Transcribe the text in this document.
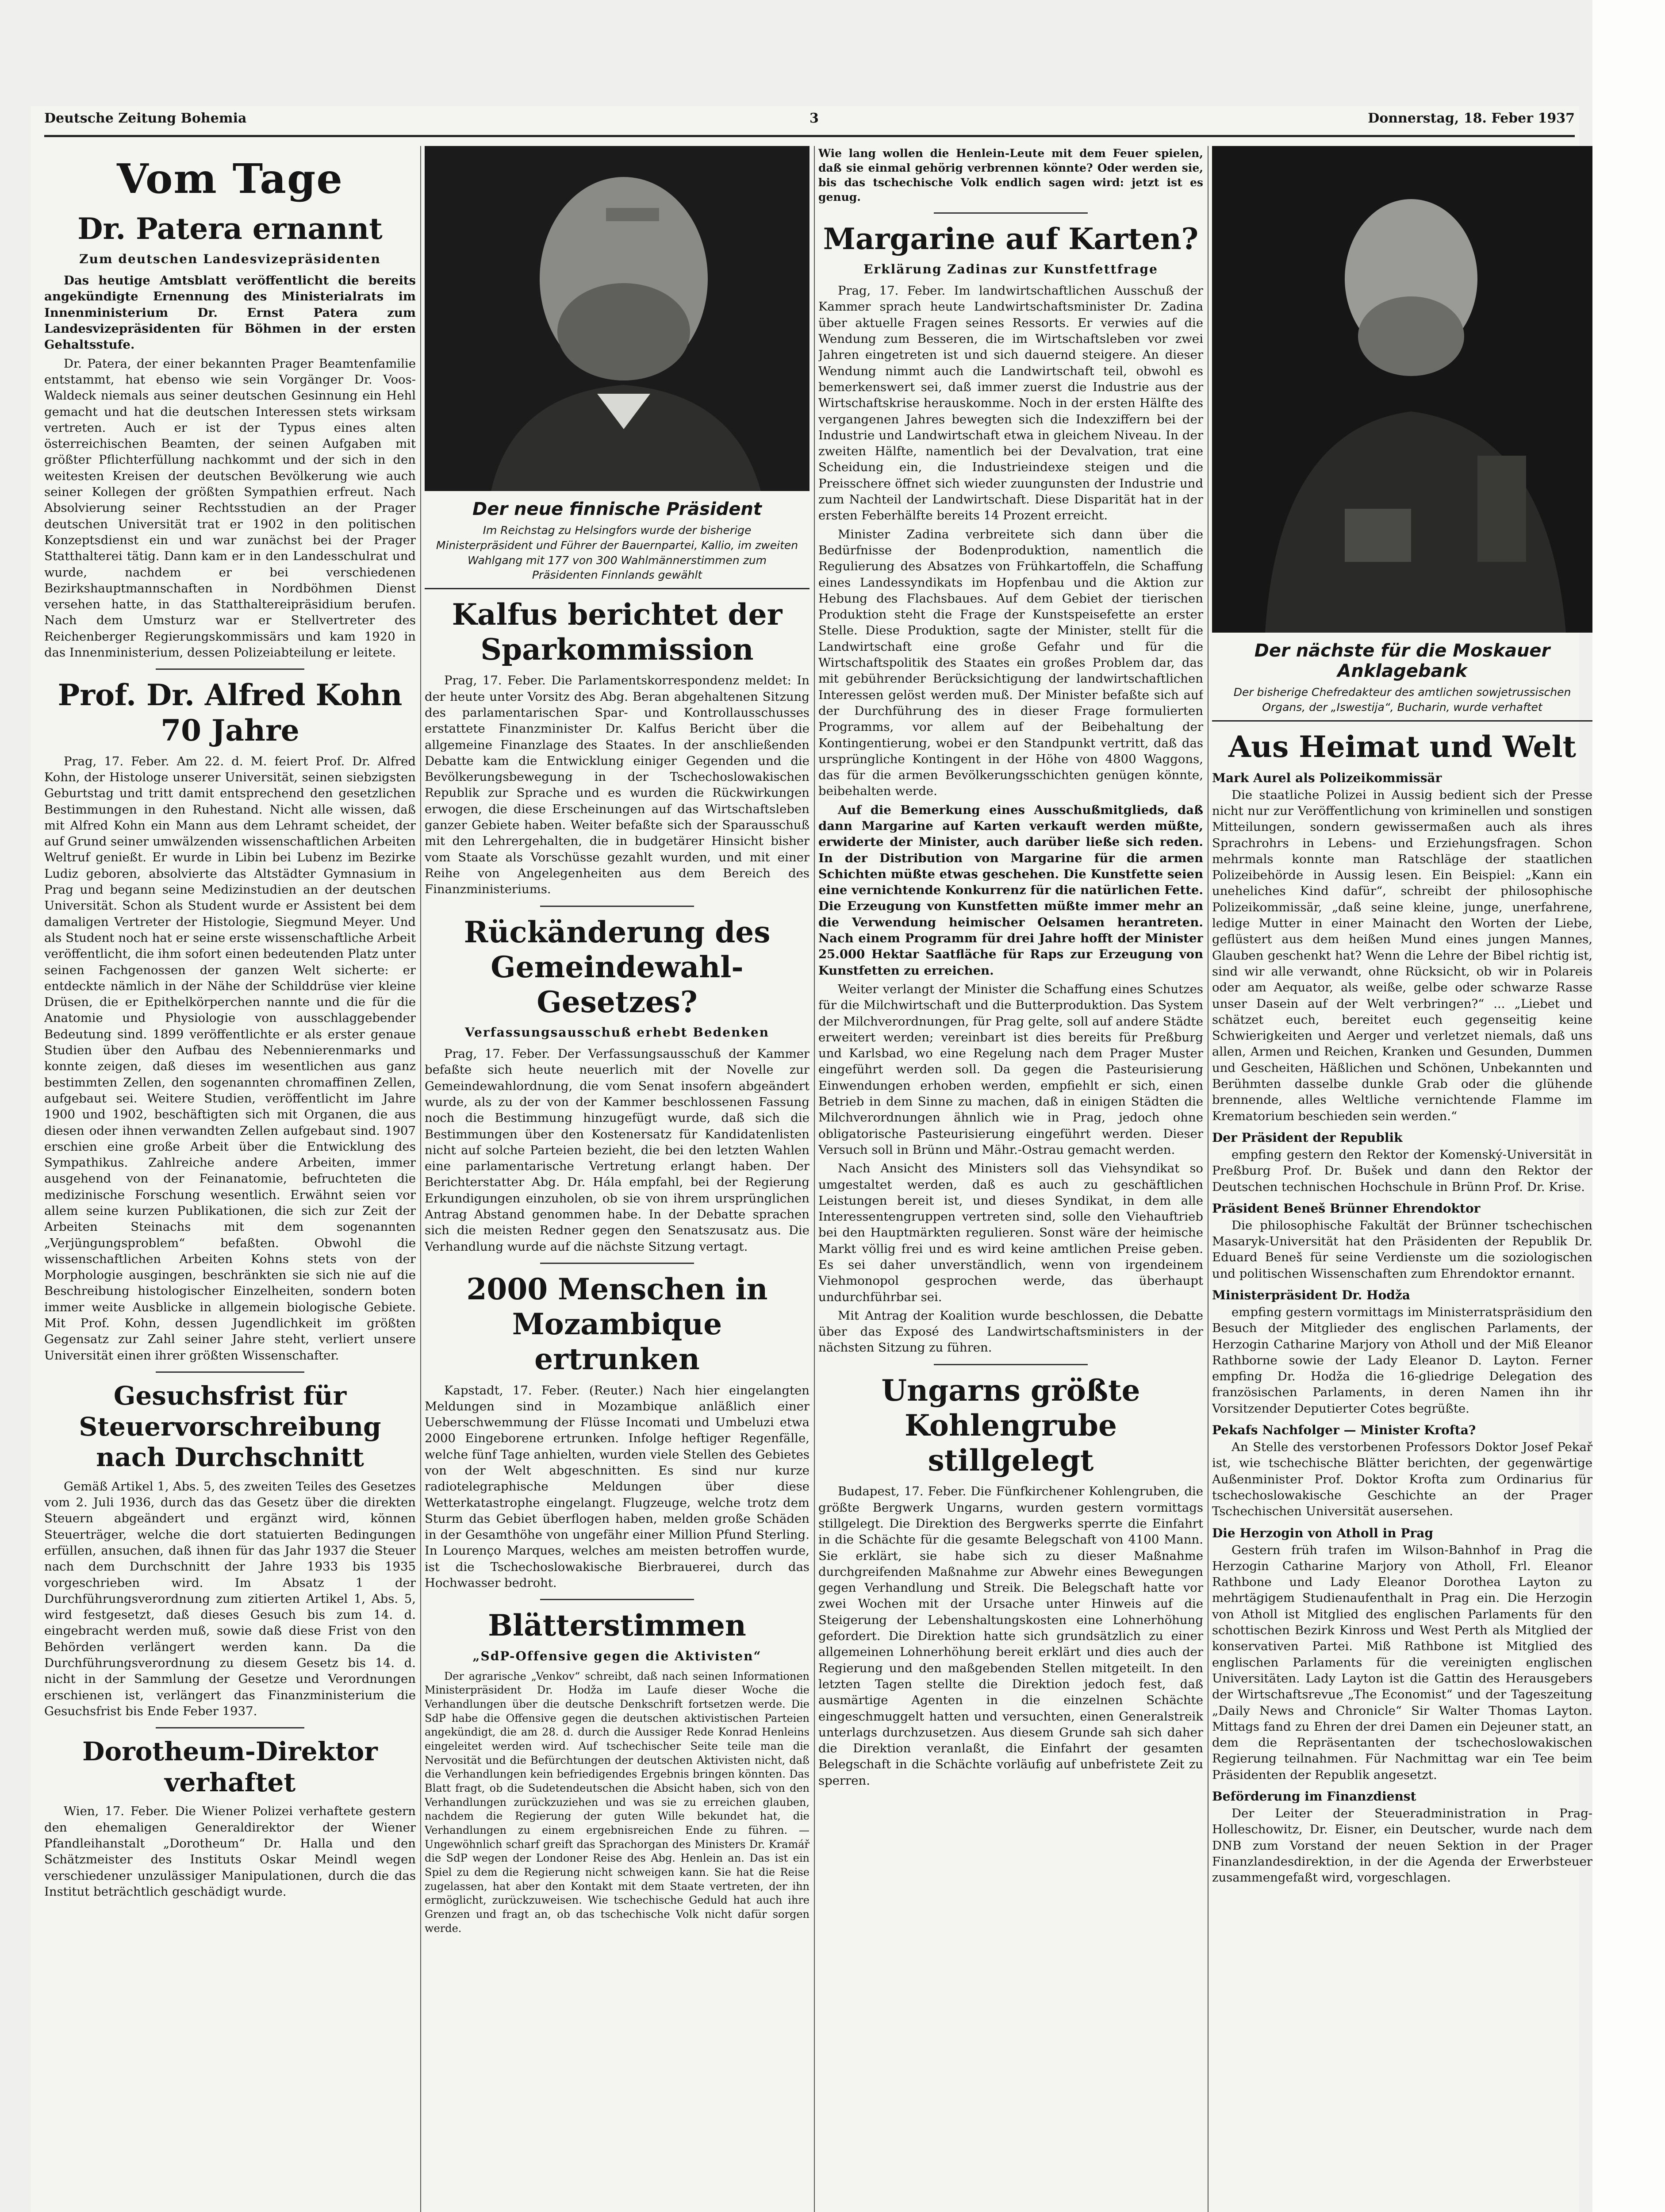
Deutsche Zeitung Bohemia	3	Donnerstag, 18. Feber 1937
Vom Tage
Dr. Patera ernannt
Zum deutschen Landesvizepräsidenten

Das heutige Amtsblatt veröffentlicht die bereits angekündigte Ernennung des Ministerialrats im Innenministerium Dr. Ernst Patera zum Landesvizepräsidenten für Böhmen in der ersten Gehaltsstufe.

Dr. Patera, der einer bekannten Prager Beamtenfamilie entstammt, hat ebenso wie sein Vorgänger Dr. Voos-Waldeck niemals aus seiner deutschen Gesinnung ein Hehl gemacht und hat die deutschen Interessen stets wirksam vertreten. Auch er ist der Typus eines alten österreichischen Beamten, der seinen Aufgaben mit größter Pflichterfüllung nachkommt und der sich in den weitesten Kreisen der deutschen Bevölkerung wie auch seiner Kollegen der größten Sympathien erfreut. Nach Absolvierung seiner Rechtsstudien an der Prager deutschen Universität trat er 1902 in den politischen Konzeptsdienst ein und war zunächst bei der Prager Statthalterei tätig. Dann kam er in den Landesschulrat und wurde, nachdem er bei verschiedenen Bezirkshauptmannschaften in Nordböhmen Dienst versehen hatte, in das Statthaltereipräsidium berufen. Nach dem Umsturz war er Stellvertreter des Reichenberger Regierungskommissärs und kam 1920 in das Innenministerium, dessen Polizeiabteilung er leitete.

Prof. Dr. Alfred Kohn 70 Jahre

Prag, 17. Feber. Am 22. d. M. feiert Prof. Dr. Alfred Kohn, der Histologe unserer Universität, seinen siebzigsten Geburtstag und tritt damit entsprechend den gesetzlichen Bestimmungen in den Ruhestand. Nicht alle wissen, daß mit Alfred Kohn ein Mann aus dem Lehramt scheidet, der auf Grund seiner umwälzenden wissenschaftlichen Arbeiten Weltruf genießt. Er wurde in Libin bei Lubenz im Bezirke Ludiz geboren, absolvierte das Altstädter Gymnasium in Prag und begann seine Medizinstudien an der deutschen Universität. Schon als Student wurde er Assistent bei dem damaligen Vertreter der Histologie, Siegmund Meyer. Und als Student noch hat er seine erste wissenschaftliche Arbeit veröffentlicht, die ihm sofort einen bedeutenden Platz unter seinen Fachgenossen der ganzen Welt sicherte: er entdeckte nämlich in der Nähe der Schilddrüse vier kleine Drüsen, die er Epithelkörperchen nannte und die für die Anatomie und Physiologie von ausschlaggebender Bedeutung sind. 1899 veröffentlichte er als erster genaue Studien über den Aufbau des Nebennierenmarks und konnte zeigen, daß dieses im wesentlichen aus ganz bestimmten Zellen, den sogenannten chromaffinen Zellen, aufgebaut sei. Weitere Studien, veröffentlicht im Jahre 1900 und 1902, beschäftigten sich mit Organen, die aus diesen oder ihnen verwandten Zellen aufgebaut sind. 1907 erschien eine große Arbeit über die Entwicklung des Sympathikus. Zahlreiche andere Arbeiten, immer ausgehend von der Feinanatomie, befruchteten die medizinische Forschung wesentlich. Erwähnt seien vor allem seine kurzen Publikationen, die sich zur Zeit der Arbeiten Steinachs mit dem sogenannten „Verjüngungsproblem“ befaßten. Obwohl die wissenschaftlichen Arbeiten Kohns stets von der Morphologie ausgingen, beschränkten sie sich nie auf die Beschreibung histologischer Einzelheiten, sondern boten immer weite Ausblicke in allgemein biologische Gebiete. Mit Prof. Kohn, dessen Jugendlichkeit im größten Gegensatz zur Zahl seiner Jahre steht, verliert unsere Universität einen ihrer größten Wissenschafter.

Gesuchsfrist für Steuervorschreibung nach Durchschnitt

Gemäß Artikel 1, Abs. 5, des zweiten Teiles des Gesetzes vom 2. Juli 1936, durch das das Gesetz über die direkten Steuern abgeändert und ergänzt wird, können Steuerträger, welche die dort statuierten Bedingungen erfüllen, ansuchen, daß ihnen für das Jahr 1937 die Steuer nach dem Durchschnitt der Jahre 1933 bis 1935 vorgeschrieben wird. Im Absatz 1 der Durchführungsverordnung zum zitierten Artikel 1, Abs. 5, wird festgesetzt, daß dieses Gesuch bis zum 14. d. eingebracht werden muß, sowie daß diese Frist von den Behörden verlängert werden kann. Da die Durchführungsverordnung zu diesem Gesetz bis 14. d. nicht in der Sammlung der Gesetze und Verordnungen erschienen ist, verlängert das Finanzministerium die Gesuchsfrist bis Ende Feber 1937.

Dorotheum-Direktor verhaftet

Wien, 17. Feber. Die Wiener Polizei verhaftete gestern den ehemaligen Generaldirektor der Wiener Pfandleihanstalt „Dorotheum“ Dr. Halla und den Schätzmeister des Instituts Oskar Meindl wegen verschiedener unzulässiger Manipulationen, durch die das Institut beträchtlich geschädigt wurde.

Der neue finnische Präsident
Im Reichstag zu Helsingfors wurde der bisherige Ministerpräsident und Führer der Bauernpartei, Kallio, im zweiten Wahlgang mit 177 von 300 Wahlmännerstimmen zum Präsidenten Finnlands gewählt
Kalfus berichtet der Sparkommission

Prag, 17. Feber. Die Parlamentskorrespondenz meldet: In der heute unter Vorsitz des Abg. Beran abgehaltenen Sitzung des parlamentarischen Spar- und Kontrollausschusses erstattete Finanzminister Dr. Kalfus Bericht über die allgemeine Finanzlage des Staates. In der anschließenden Debatte kam die Entwicklung einiger Gegenden und die Bevölkerungsbewegung in der Tschechoslowakischen Republik zur Sprache und es wurden die Rückwirkungen erwogen, die diese Erscheinungen auf das Wirtschaftsleben ganzer Gebiete haben. Weiter befaßte sich der Sparausschuß mit den Lehrergehalten, die in budgetärer Hinsicht bisher vom Staate als Vorschüsse gezahlt wurden, und mit einer Reihe von Angelegenheiten aus dem Bereich des Finanzministeriums.

Rückänderung des Gemeindewahl-Gesetzes?
Verfassungsausschuß erhebt Bedenken

Prag, 17. Feber. Der Verfassungsausschuß der Kammer befaßte sich heute neuerlich mit der Novelle zur Gemeindewahlordnung, die vom Senat insofern abgeändert wurde, als zu der von der Kammer beschlossenen Fassung noch die Bestimmung hinzugefügt wurde, daß sich die Bestimmungen über den Kostenersatz für Kandidatenlisten nicht auf solche Parteien bezieht, die bei den letzten Wahlen eine parlamentarische Vertretung erlangt haben. Der Berichterstatter Abg. Dr. Hála empfahl, bei der Regierung Erkundigungen einzuholen, ob sie von ihrem ursprünglichen Antrag Abstand genommen habe. In der Debatte sprachen sich die meisten Redner gegen den Senatszusatz aus. Die Verhandlung wurde auf die nächste Sitzung vertagt.

2000 Menschen in Mozambique ertrunken

Kapstadt, 17. Feber. (Reuter.) Nach hier eingelangten Meldungen sind in Mozambique anläßlich einer Ueberschwemmung der Flüsse Incomati und Umbeluzi etwa 2000 Eingeborene ertrunken. Infolge heftiger Regenfälle, welche fünf Tage anhielten, wurden viele Stellen des Gebietes von der Welt abgeschnitten. Es sind nur kurze radiotelegraphische Meldungen über diese Wetterkatastrophe eingelangt. Flugzeuge, welche trotz dem Sturm das Gebiet überflogen haben, melden große Schäden in der Gesamthöhe von ungefähr einer Million Pfund Sterling. In Lourenço Marques, welches am meisten betroffen wurde, ist die Tschechoslowakische Bierbrauerei, durch das Hochwasser bedroht.

Blätterstimmen
„SdP-Offensive gegen die Aktivisten“

Der agrarische „Venkov“ schreibt, daß nach seinen Informationen Ministerpräsident Dr. Hodža im Laufe dieser Woche die Verhandlungen über die deutsche Denkschrift fortsetzen werde. Die SdP habe die Offensive gegen die deutschen aktivistischen Parteien angekündigt, die am 28. d. durch die Aussiger Rede Konrad Henleins eingeleitet werden wird. Auf tschechischer Seite teile man die Nervosität und die Befürchtungen der deutschen Aktivisten nicht, daß die Verhandlungen kein befriedigendes Ergebnis bringen könnten. Das Blatt fragt, ob die Sudetendeutschen die Absicht haben, sich von den Verhandlungen zurückzuziehen und was sie zu erreichen glauben, nachdem die Regierung der guten Wille bekundet hat, die Verhandlungen zu einem ergebnisreichen Ende zu führen. — Ungewöhnlich scharf greift das Sprachorgan des Ministers Dr. Kramář die SdP wegen der Londoner Reise des Abg. Henlein an. Das ist ein Spiel zu dem die Regierung nicht schweigen kann. Sie hat die Reise zugelassen, hat aber den Kontakt mit dem Staate vertreten, der ihn ermöglicht, zurückzuweisen. Wie tschechische Geduld hat auch ihre Grenzen und fragt an, ob das tschechische Volk nicht dafür sorgen werde.

Wie lang wollen die Henlein-Leute mit dem Feuer spielen, daß sie einmal gehörig verbrennen könnte? Oder werden sie, bis das tschechische Volk endlich sagen wird: jetzt ist es genug.

Margarine auf Karten?
Erklärung Zadinas zur Kunstfettfrage

Prag, 17. Feber. Im landwirtschaftlichen Ausschuß der Kammer sprach heute Landwirtschaftsminister Dr. Zadina über aktuelle Fragen seines Ressorts. Er verwies auf die Wendung zum Besseren, die im Wirtschaftsleben vor zwei Jahren eingetreten ist und sich dauernd steigere. An dieser Wendung nimmt auch die Landwirtschaft teil, obwohl es bemerkenswert sei, daß immer zuerst die Industrie aus der Wirtschaftskrise herauskomme. Noch in der ersten Hälfte des vergangenen Jahres bewegten sich die Indexziffern bei der Industrie und Landwirtschaft etwa in gleichem Niveau. In der zweiten Hälfte, namentlich bei der Devalvation, trat eine Scheidung ein, die Industrieindexe steigen und die Preisschere öffnet sich wieder zuungunsten der Industrie und zum Nachteil der Landwirtschaft. Diese Disparität hat in der ersten Feberhälfte bereits 14 Prozent erreicht.

Minister Zadina verbreitete sich dann über die Bedürfnisse der Bodenproduktion, namentlich die Regulierung des Absatzes von Frühkartoffeln, die Schaffung eines Landessyndikats im Hopfenbau und die Aktion zur Hebung des Flachsbaues. Auf dem Gebiet der tierischen Produktion steht die Frage der Kunstspeisefette an erster Stelle. Diese Produktion, sagte der Minister, stellt für die Landwirtschaft eine große Gefahr und für die Wirtschaftspolitik des Staates ein großes Problem dar, das mit gebührender Berücksichtigung der landwirtschaftlichen Interessen gelöst werden muß. Der Minister befaßte sich auf der Durchführung des in dieser Frage formulierten Programms, vor allem auf der Beibehaltung der Kontingentierung, wobei er den Standpunkt vertritt, daß das ursprüngliche Kontingent in der Höhe von 4800 Waggons, das für die armen Bevölkerungsschichten genügen könnte, beibehalten werde.

Auf die Bemerkung eines Ausschußmitglieds, daß dann Margarine auf Karten verkauft werden müßte, erwiderte der Minister, auch darüber ließe sich reden. In der Distribution von Margarine für die armen Schichten müßte etwas geschehen. Die Kunstfette seien eine vernichtende Konkurrenz für die natürlichen Fette. Die Erzeugung von Kunstfetten müßte immer mehr an die Verwendung heimischer Oelsamen herantreten. Nach einem Programm für drei Jahre hofft der Minister 25.000 Hektar Saatfläche für Raps zur Erzeugung von Kunstfetten zu erreichen.

Weiter verlangt der Minister die Schaffung eines Schutzes für die Milchwirtschaft und die Butterproduktion. Das System der Milchverordnungen, für Prag gelte, soll auf andere Städte erweitert werden; vereinbart ist dies bereits für Preßburg und Karlsbad, wo eine Regelung nach dem Prager Muster eingeführt werden soll. Da gegen die Pasteurisierung Einwendungen erhoben werden, empfiehlt er sich, einen Betrieb in dem Sinne zu machen, daß in einigen Städten die Milchverordnungen ähnlich wie in Prag, jedoch ohne obligatorische Pasteurisierung eingeführt werden. Dieser Versuch soll in Brünn und Mähr.-Ostrau gemacht werden.

Nach Ansicht des Ministers soll das Viehsyndikat so umgestaltet werden, daß es auch zu geschäftlichen Leistungen bereit ist, und dieses Syndikat, in dem alle Interessentengruppen vertreten sind, solle den Viehauftrieb bei den Hauptmärkten regulieren. Sonst wäre der heimische Markt völlig frei und es wird keine amtlichen Preise geben. Es sei daher unverständlich, wenn von irgendeinem Viehmonopol gesprochen werde, das überhaupt undurchführbar sei.

Mit Antrag der Koalition wurde beschlossen, die Debatte über das Exposé des Landwirtschaftsministers in der nächsten Sitzung zu führen.

Ungarns größte Kohlengrube stillgelegt

Budapest, 17. Feber. Die Fünfkirchener Kohlengruben, die größte Bergwerk Ungarns, wurden gestern vormittags stillgelegt. Die Direktion des Bergwerks sperrte die Einfahrt in die Schächte für die gesamte Belegschaft von 4100 Mann. Sie erklärt, sie habe sich zu dieser Maßnahme durchgreifenden Maßnahme zur Abwehr eines Bewegungen gegen Verhandlung und Streik. Die Belegschaft hatte vor zwei Wochen mit der Ursache unter Hinweis auf die Steigerung der Lebenshaltungskosten eine Lohnerhöhung gefordert. Die Direktion hatte sich grundsätzlich zu einer allgemeinen Lohnerhöhung bereit erklärt und dies auch der Regierung und den maßgebenden Stellen mitgeteilt. In den letzten Tagen stellte die Direktion jedoch fest, daß ausmärtige Agenten in die einzelnen Schächte eingeschmuggelt hatten und versuchten, einen Generalstreik unterlags durchzusetzen. Aus diesem Grunde sah sich daher die Direktion veranlaßt, die Einfahrt der gesamten Belegschaft in die Schächte vorläufig auf unbefristete Zeit zu sperren.

Der nächste für die Moskauer Anklagebank
Der bisherige Chefredakteur des amtlichen sowjetrussischen Organs, der „Iswestija“, Bucharin, wurde verhaftet
Aus Heimat und Welt
Mark Aurel als Polizeikommissär

Die staatliche Polizei in Aussig bedient sich der Presse nicht nur zur Veröffentlichung von kriminellen und sonstigen Mitteilungen, sondern gewissermaßen auch als ihres Sprachrohrs in Lebens- und Erziehungsfragen. Schon mehrmals konnte man Ratschläge der staatlichen Polizeibehörde in Aussig lesen. Ein Beispiel: „Kann ein uneheliches Kind dafür“, schreibt der philosophische Polizeikommissär, „daß seine kleine, junge, unerfahrene, ledige Mutter in einer Mainacht den Worten der Liebe, geflüstert aus dem heißen Mund eines jungen Mannes, Glauben geschenkt hat? Wenn die Lehre der Bibel richtig ist, sind wir alle verwandt, ohne Rücksicht, ob wir in Polareis oder am Aequator, als weiße, gelbe oder schwarze Rasse unser Dasein auf der Welt verbringen?“ ... „Liebet und schätzet euch, bereitet euch gegenseitig keine Schwierigkeiten und Aerger und verletzet niemals, daß uns allen, Armen und Reichen, Kranken und Gesunden, Dummen und Gescheiten, Häßlichen und Schönen, Unbekannten und Berühmten dasselbe dunkle Grab oder die glühende brennende, alles Weltliche vernichtende Flamme im Krematorium beschieden sein werden.“

Der Präsident der Republik

empfing gestern den Rektor der Komenský-Universität in Preßburg Prof. Dr. Bušek und dann den Rektor der Deutschen technischen Hochschule in Brünn Prof. Dr. Krise.

Präsident Beneš Brünner Ehrendoktor

Die philosophische Fakultät der Brünner tschechischen Masaryk-Universität hat den Präsidenten der Republik Dr. Eduard Beneš für seine Verdienste um die soziologischen und politischen Wissenschaften zum Ehrendoktor ernannt.

Ministerpräsident Dr. Hodža

empfing gestern vormittags im Ministerratspräsidium den Besuch der Mitglieder des englischen Parlaments, der Herzogin Catharine Marjory von Atholl und der Miß Eleanor Rathborne sowie der Lady Eleanor D. Layton. Ferner empfing Dr. Hodža die 16-gliedrige Delegation des französischen Parlaments, in deren Namen ihn ihr Vorsitzender Deputierter Cotes begrüßte.

Pekafs Nachfolger — Minister Krofta?

An Stelle des verstorbenen Professors Doktor Josef Pekař ist, wie tschechische Blätter berichten, der gegenwärtige Außenminister Prof. Doktor Krofta zum Ordinarius für tschechoslowakische Geschichte an der Prager Tschechischen Universität ausersehen.

Die Herzogin von Atholl in Prag

Gestern früh trafen im Wilson-Bahnhof in Prag die Herzogin Catharine Marjory von Atholl, Frl. Eleanor Rathbone und Lady Eleanor Dorothea Layton zu mehrtägigem Studienaufenthalt in Prag ein. Die Herzogin von Atholl ist Mitglied des englischen Parlaments für den schottischen Bezirk Kinross und West Perth als Mitglied der konservativen Partei. Miß Rathbone ist Mitglied des englischen Parlaments für die vereinigten englischen Universitäten. Lady Layton ist die Gattin des Herausgebers der Wirtschaftsrevue „The Economist“ und der Tageszeitung „Daily News and Chronicle“ Sir Walter Thomas Layton. Mittags fand zu Ehren der drei Damen ein Dejeuner statt, an dem die Repräsentanten der tschechoslowakischen Regierung teilnahmen. Für Nachmittag war ein Tee beim Präsidenten der Republik angesetzt.

Beförderung im Finanzdienst

Der Leiter der Steueradministration in Prag-Holleschowitz, Dr. Eisner, ein Deutscher, wurde nach dem DNB zum Vorstand der neuen Sektion in der Prager Finanzlandesdirektion, in der die Agenda der Erwerbsteuer zusammengefaßt wird, vorgeschlagen.
